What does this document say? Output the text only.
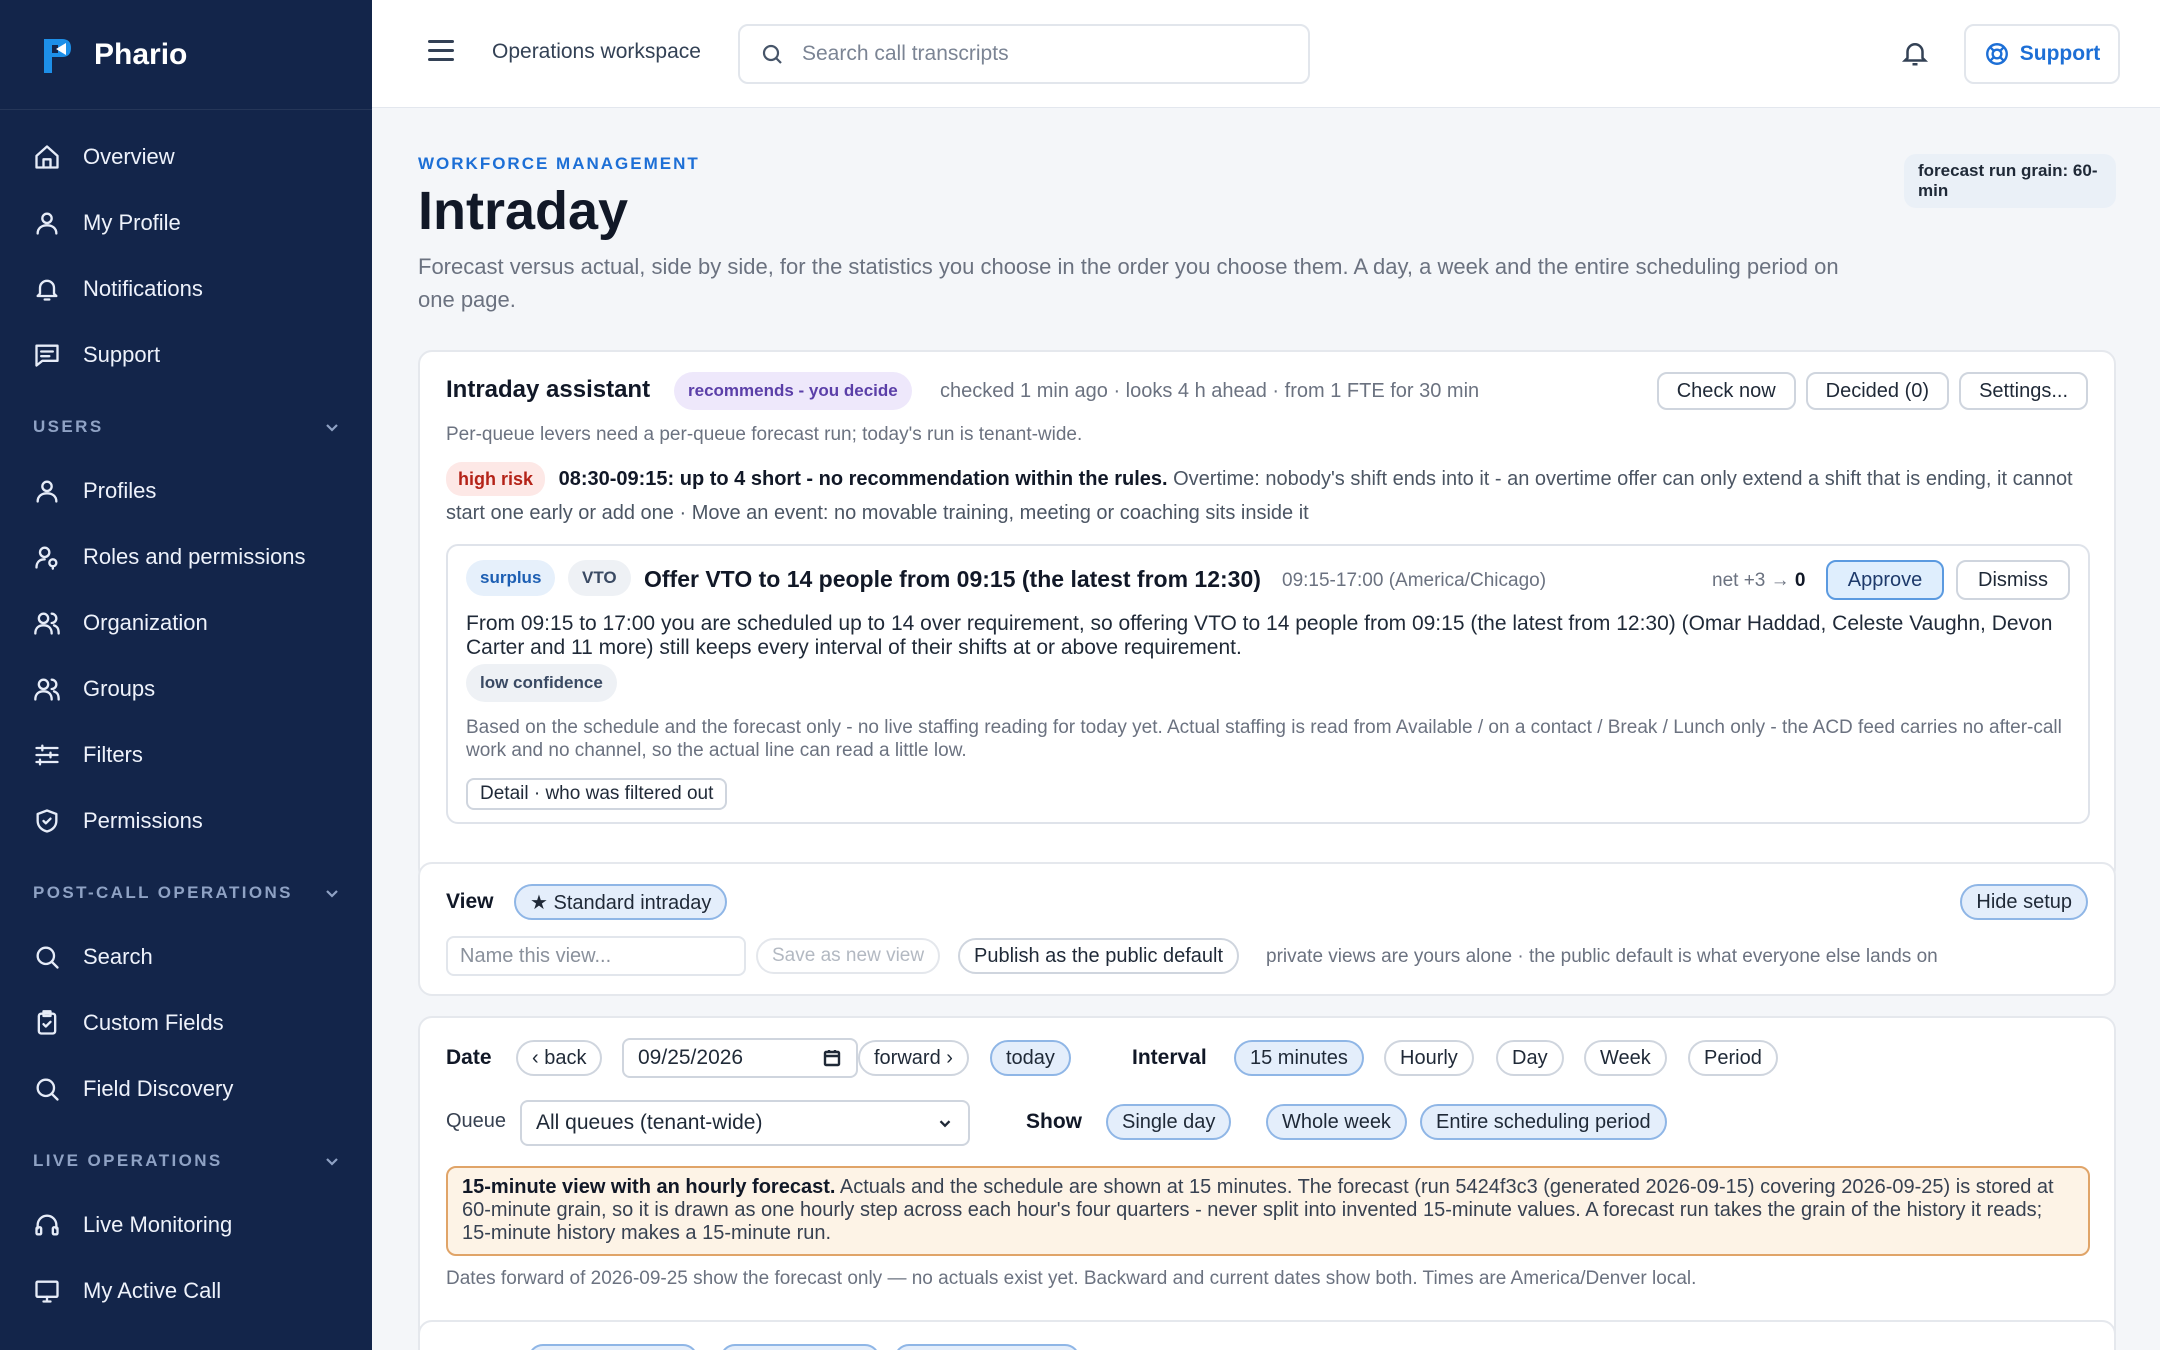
Phario
Overview
My Profile
Notifications
Support
USERS
Profiles
Roles and permissions
Organization
Groups
Filters
Permissions
POST-CALL OPERATIONS
Search
Custom Fields
Field Discovery
LIVE OPERATIONS
Live Monitoring
My Active Call
Operations workspace
Search call transcripts	Support
WORKFORCE MANAGEMENT
Intraday

Forecast versus actual, side by side, for the statistics you choose in the order you choose them. A day, a week and the entire scheduling period on one page.

forecast run grain: 60-min
Intraday assistant	recommends - you decide	checked 1 min ago · looks 4 h ahead · from 1 FTE for 30 min	Check now	Decided (0)	Settings...
Per-queue levers need a per-queue forecast run; today's run is tenant-wide.
high risk 08:30-09:15: up to 4 short - no recommendation within the rules. Overtime: nobody's shift ends into it - an overtime offer can only extend a shift that is ending, it cannot start one early or add one · Move an event: no movable training, meeting or coaching sits inside it
surplus	VTO	Offer VTO to 14 people from 09:15 (the latest from 12:30) 09:15-17:00 (America/Chicago)	net +3 → 0	Approve	Dismiss

From 09:15 to 17:00 you are scheduled up to 14 over requirement, so offering VTO to 14 people from 09:15 (the latest from 12:30) (Omar Haddad, Celeste Vaughn, Devon Carter and 11 more) still keeps every interval of their shifts at or above requirement.

low confidence

Based on the schedule and the forecast only - no live staffing reading for today yet. Actual staffing is read from Available / on a contact / Break / Lunch only - the ACD feed carries no after-call work and no channel, so the actual line can read a little low.

Detail · who was filtered out
View	★ Standard intraday	Hide setup
Name this view...
Save as new view	Publish as the public default	private views are yours alone · the public default is what everyone else lands on
Date	‹ back	09/25/2026	forward ›	today	Interval	15 minutes	Hourly	Day	Week	Period
Queue All queues (tenant-wide)	Show	Single day	Whole week	Entire scheduling period
15-minute view with an hourly forecast. Actuals and the schedule are shown at 15 minutes. The forecast (run 5424f3c3 (generated 2026-09-15) covering 2026-09-25) is stored at 60-minute grain, so it is drawn as one hourly step across each hour's four quarters - never split into invented 15-minute values. A forecast run takes the grain of the history it reads; 15-minute history makes a 15-minute run.

Dates forward of 2026-09-25 show the forecast only — no actuals exist yet. Backward and current dates show both. Times are America/Denver local.
